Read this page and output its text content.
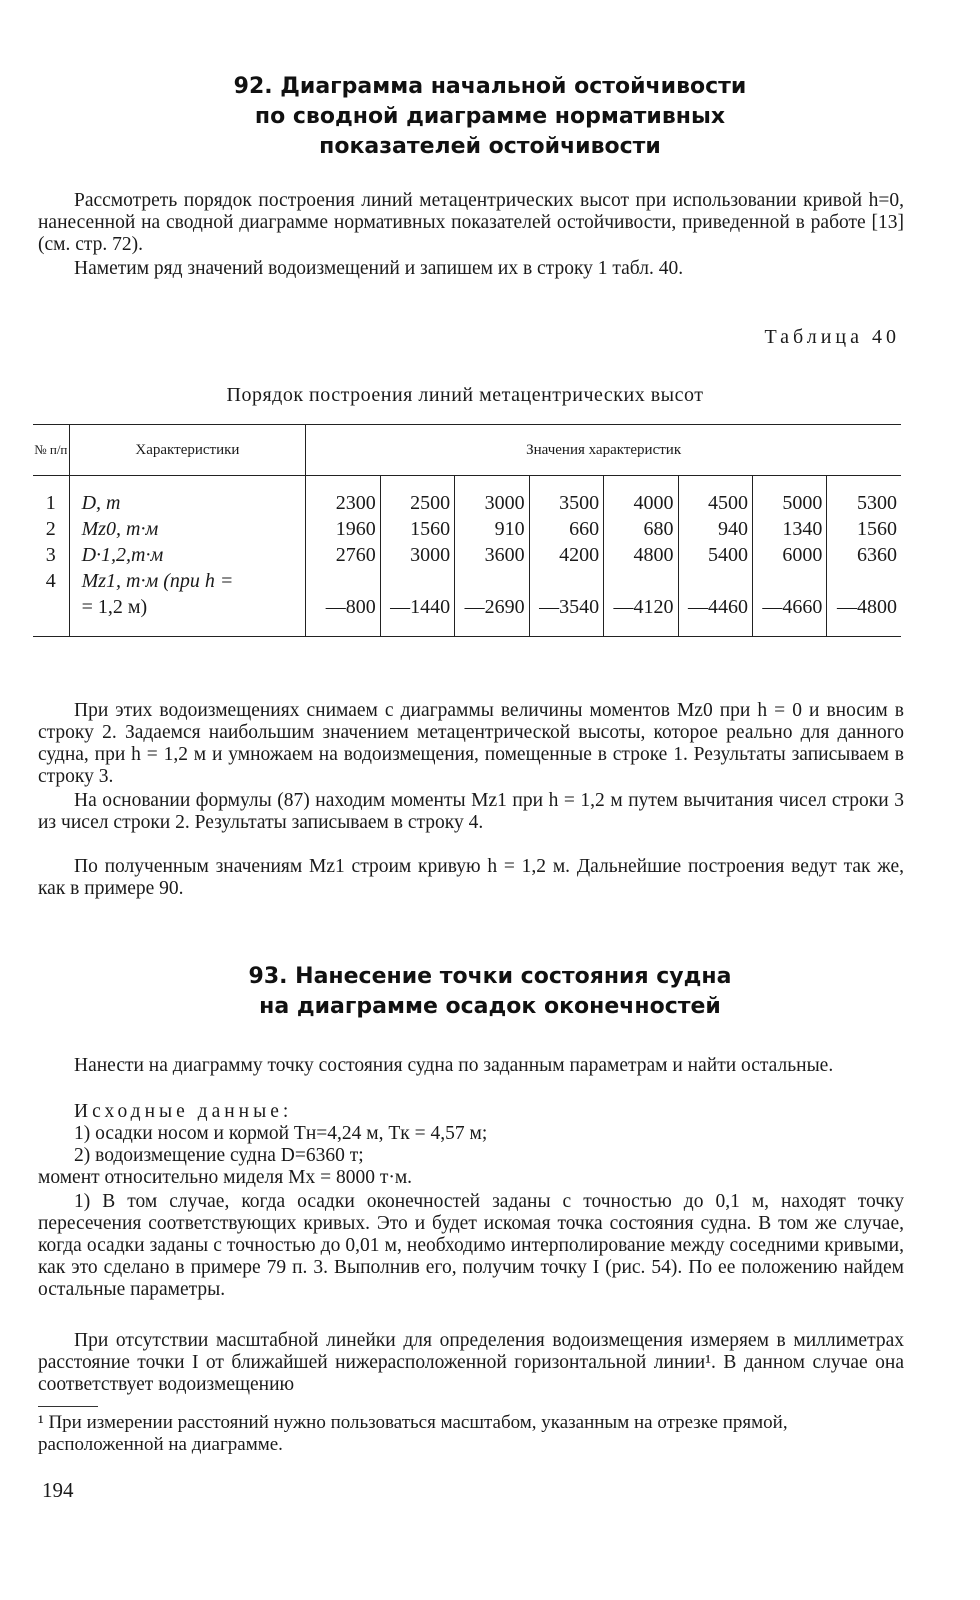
92. Диаграмма начальной остойчивости
по сводной диаграмме нормативных
показателей остойчивости
Рассмотреть порядок построения линий метацентрических высот при использовании кривой h=0, нанесенной на сводной диаграмме нормативных показателей остойчивости, приведенной в работе [13] (см. стр. 72).
Наметим ряд значений водоизмещений и запишем их в строку 1 табл. 40.
Таблица 40
Порядок построения линий метацентрических высот
№ п/п	Характеристики	Значения характеристик							

1	D, т	2300	2500	3000	3500	4000	4500	5000	5300
2	Mz0, т·м	1960	1560	910	660	680	940	1340	1560
3	D·1,2,т·м	2760	3000	3600	4200	4800	5400	6000	6360
4	Mz1, т·м (при h =								
	= 1,2 м)	—800	—1440	—2690	—3540	—4120	—4460	—4660	—4800

При этих водоизмещениях снимаем с диаграммы величины моментов Mz0 при h = 0 и вносим в строку 2. Задаемся наибольшим значением метацентрической высоты, которое реально для данного судна, при h = 1,2 м и умножаем на водоизмещения, помещенные в строке 1. Результаты записываем в строку 3.
На основании формулы (87) находим моменты Mz1 при h = 1,2 м путем вычитания чисел строки 3 из чисел строки 2. Результаты записываем в строку 4.
По полученным значениям Mz1 строим кривую h = 1,2 м. Дальнейшие построения ведут так же, как в примере 90.
93. Нанесение точки состояния судна
на диаграмме осадок оконечностей
Нанести на диаграмму точку состояния судна по заданным параметрам и найти остальные.
Исходные данные:
1) осадки носом и кормой Tн=4,24 м, Tк = 4,57 м;
2) водоизмещение судна D=6360 т;
момент относительно миделя Mx = 8000 т·м.
1) В том случае, когда осадки оконечностей заданы с точностью до 0,1 м, находят точку пересечения соответствующих кривых. Это и будет искомая точка состояния судна. В том же случае, когда осадки заданы с точностью до 0,01 м, необходимо интерполирование между соседними кривыми, как это сделано в примере 79 п. 3. Выполнив его, получим точку I (рис. 54). По ее положению найдем остальные параметры.
При отсутствии масштабной линейки для определения водоизмещения измеряем в миллиметрах расстояние точки I от ближайшей нижерасположенной горизонтальной линии¹. В данном случае она соответствует водоизмещению
¹ При измерении расстояний нужно пользоваться масштабом, указанным на отрезке прямой, расположенной на диаграмме.
194
